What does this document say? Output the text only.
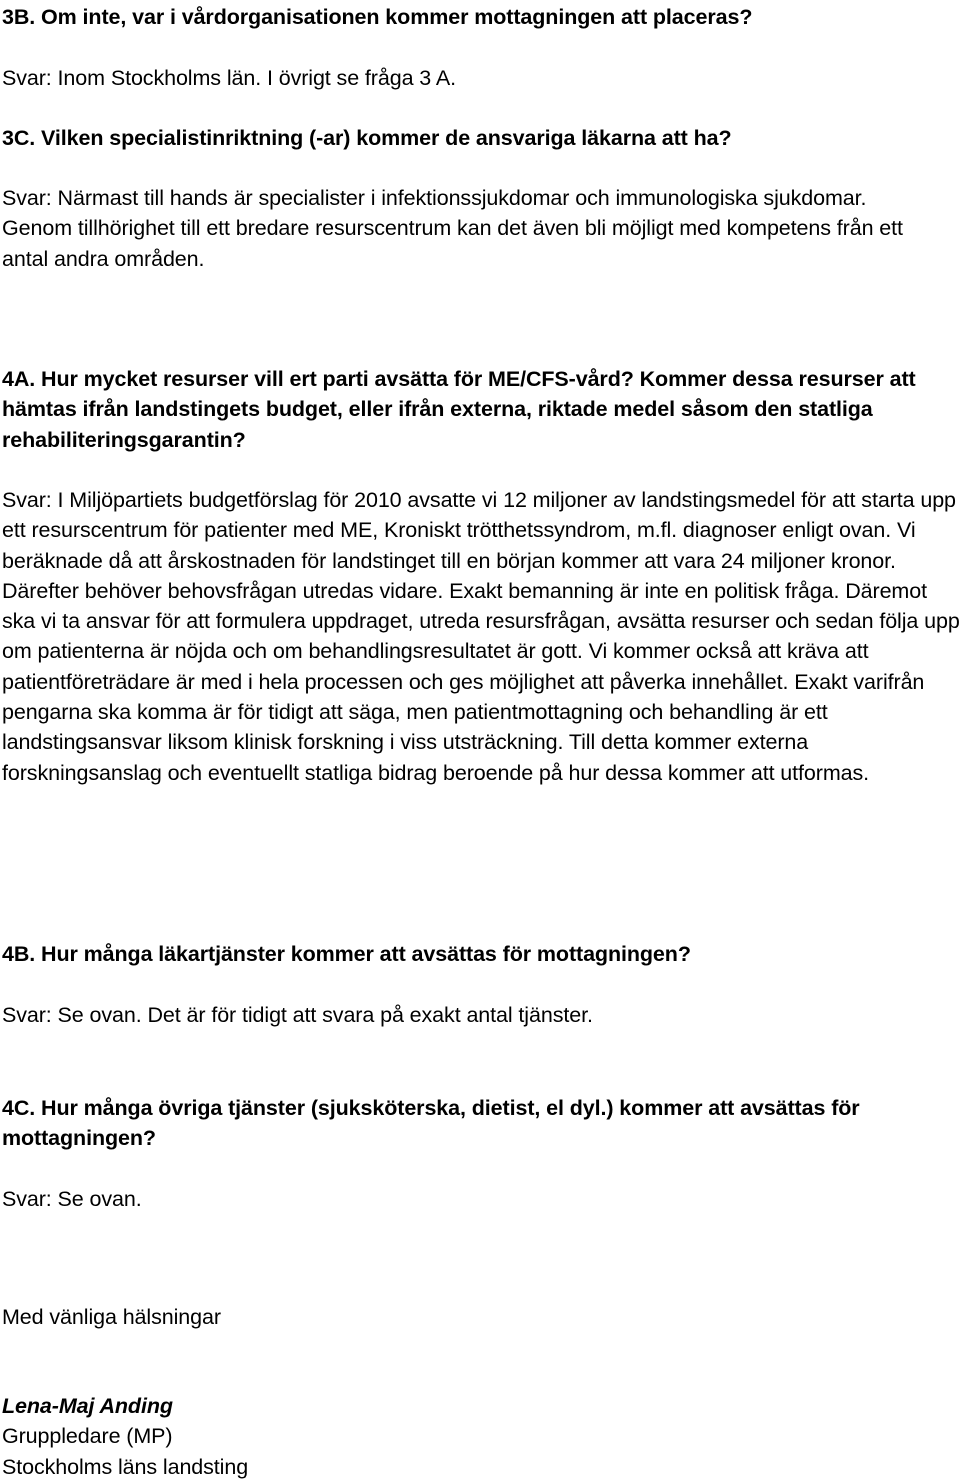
3B. Om inte, var i vårdorganisationen kommer mottagningen att placeras?

Svar: Inom Stockholms län. I övrigt se fråga 3 A.

3C. Vilken specialistinriktning (-ar) kommer de ansvariga läkarna att ha?

Svar: Närmast till hands är specialister i infektionssjukdomar och immunologiska sjukdomar. Genom tillhörighet till ett bredare resurscentrum kan det även bli möjligt med kompetens från ett antal andra områden.

4A. Hur mycket resurser vill ert parti avsätta för ME/CFS-vård? Kommer dessa resurser att hämtas ifrån landstingets budget, eller ifrån externa, riktade medel såsom den statliga rehabiliteringsgarantin?

Svar: I Miljöpartiets budgetförslag för 2010 avsatte vi 12 miljoner av landstingsmedel för att starta upp ett resurscentrum för patienter med ME, Kroniskt trötthetssyndrom, m.fl. diagnoser enligt ovan. Vi beräknade då att årskostnaden för landstinget till en början kommer att vara 24 miljoner kronor. Därefter behöver behovsfrågan utredas vidare. Exakt bemanning är inte en politisk fråga. Däremot ska vi ta ansvar för att formulera uppdraget, utreda resursfrågan, avsätta resurser och sedan följa upp om patienterna är nöjda och om behandlingsresultatet är gott. Vi kommer också att kräva att patientföreträdare är med i hela processen och ges möjlighet att påverka innehållet. Exakt varifrån pengarna ska komma är för tidigt att säga, men patientmottagning och behandling är ett landstingsansvar liksom klinisk forskning i viss utsträckning. Till detta kommer externa forskningsanslag och eventuellt statliga bidrag beroende på hur dessa kommer att utformas.

4B. Hur många läkartjänster kommer att avsättas för mottagningen?

Svar: Se ovan. Det är för tidigt att svara på exakt antal tjänster.

4C. Hur många övriga tjänster (sjuksköterska, dietist, el dyl.) kommer att avsättas för mottagningen?

Svar: Se ovan.

Med vänliga hälsningar

Lena-Maj Anding
Gruppledare (MP)
Stockholms läns landsting
